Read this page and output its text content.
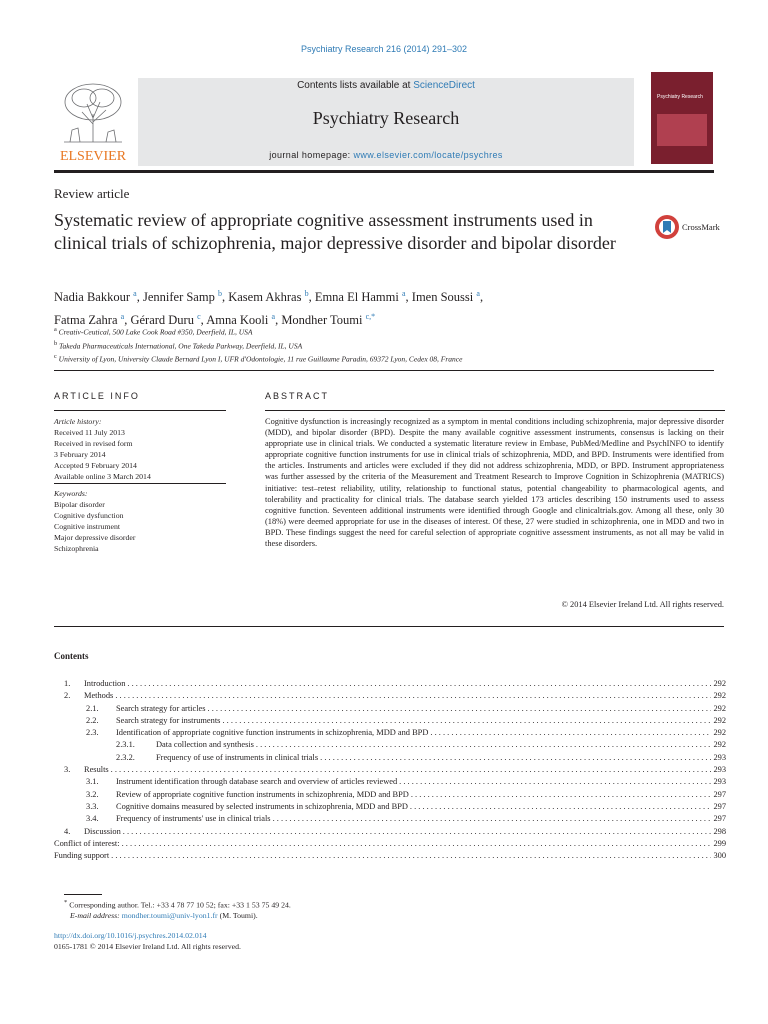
Psychiatry Research 216 (2014) 291–302
ELSEVIER
Contents lists available at ScienceDirect
Psychiatry Research
journal homepage: www.elsevier.com/locate/psychres
Psychiatry Research
Review article
Systematic review of appropriate cognitive assessment instruments used in clinical trials of schizophrenia, major depressive disorder and bipolar disorder
CrossMark
Nadia Bakkour $^a$, Jennifer Samp $^b$, Kasem Akhras $^b$, Emna El Hammi $^a$, Imen Soussi $^a$,
Fatma Zahra $^a$, Gérard Duru $^c$, Amna Kooli $^a$, Mondher Toumi $^{c,*}$
$^a$ Creativ-Ceutical, 500 Lake Cook Road #350, Deerfield, IL, USA
$^b$ Takeda Pharmaceuticals International, One Takeda Parkway, Deerfield, IL, USA
$^c$ University of Lyon, University Claude Bernard Lyon I, UFR d'Odontologie, 11 rue Guillaume Paradin, 69372 Lyon, Cedex 08, France
ARTICLE INFO	ABSTRACT
Article history:
Received 11 July 2013
Received in revised form
3 February 2014
Accepted 9 February 2014
Available online 3 March 2014
Keywords:
Bipolar disorder
Cognitive dysfunction
Cognitive instrument
Major depressive disorder
Schizophrenia
Cognitive dysfunction is increasingly recognized as a symptom in mental conditions including schizophrenia, major depressive disorder (MDD), and bipolar disorder (BPD). Despite the many available cognitive assessment instruments, consensus is lacking on their appropriate use in clinical trials. We conducted a systematic literature review in Embase, PubMed/Medline and PsychINFO to identify appropriate cognitive function instruments for use in clinical trials of schizophrenia, MDD, and BPD. Instruments were identified from the articles. Instruments and articles were excluded if they did not address schizophrenia, MDD, or BPD. Instrument appropriateness was further assessed by the criteria of the Measurement and Treatment Research to Improve Cognition in Schizophrenia (MATRICS) initiative: test–retest reliability, utility, relationship to functional status, potential changeability to pharmacological agents, and tolerability and practicality for clinical trials. The database search yielded 173 articles describing 150 instruments used to assess cognitive function. Seventeen additional instruments were identified through Google and clinicaltrials.gov. Among all these, only 30 (18%) were deemed appropriate for use in the diseases of interest. Of these, 27 were studied in schizophrenia, one in MDD and two in BPD. These findings suggest the need for careful selection of appropriate cognitive assessment instruments, as not all may be valid in these disorders.
© 2014 Elsevier Ireland Ltd. All rights reserved.
Contents
1.	Introduction . . .	292
2.	Methods . . .	292
2.1.	Search strategy for articles . . .	292
2.2.	Search strategy for instruments . . .	292
2.3.	Identification of appropriate cognitive function instruments in schizophrenia, MDD and BPD . . .	292
2.3.1.	Data collection and synthesis . . .	292
2.3.2.	Frequency of use of instruments in clinical trials . . .	293
3.	Results . . .	293
3.1.	Instrument identification through database search and overview of articles reviewed . . .	293
3.2.	Review of appropriate cognitive function instruments in schizophrenia, MDD and BPD . . .	297
3.3.	Cognitive domains measured by selected instruments in schizophrenia, MDD and BPD . . .	297
3.4.	Frequency of instruments' use in clinical trials . . .	297
4.	Discussion . . .	298
Conflict of interest: . . .	299
Funding support . . .	300
* Corresponding author. Tel.: +33 4 78 77 10 52; fax: +33 1 53 75 49 24.
E-mail address: mondher.toumi@univ-lyon1.fr (M. Toumi).
http://dx.doi.org/10.1016/j.psychres.2014.02.014
0165-1781 © 2014 Elsevier Ireland Ltd. All rights reserved.
